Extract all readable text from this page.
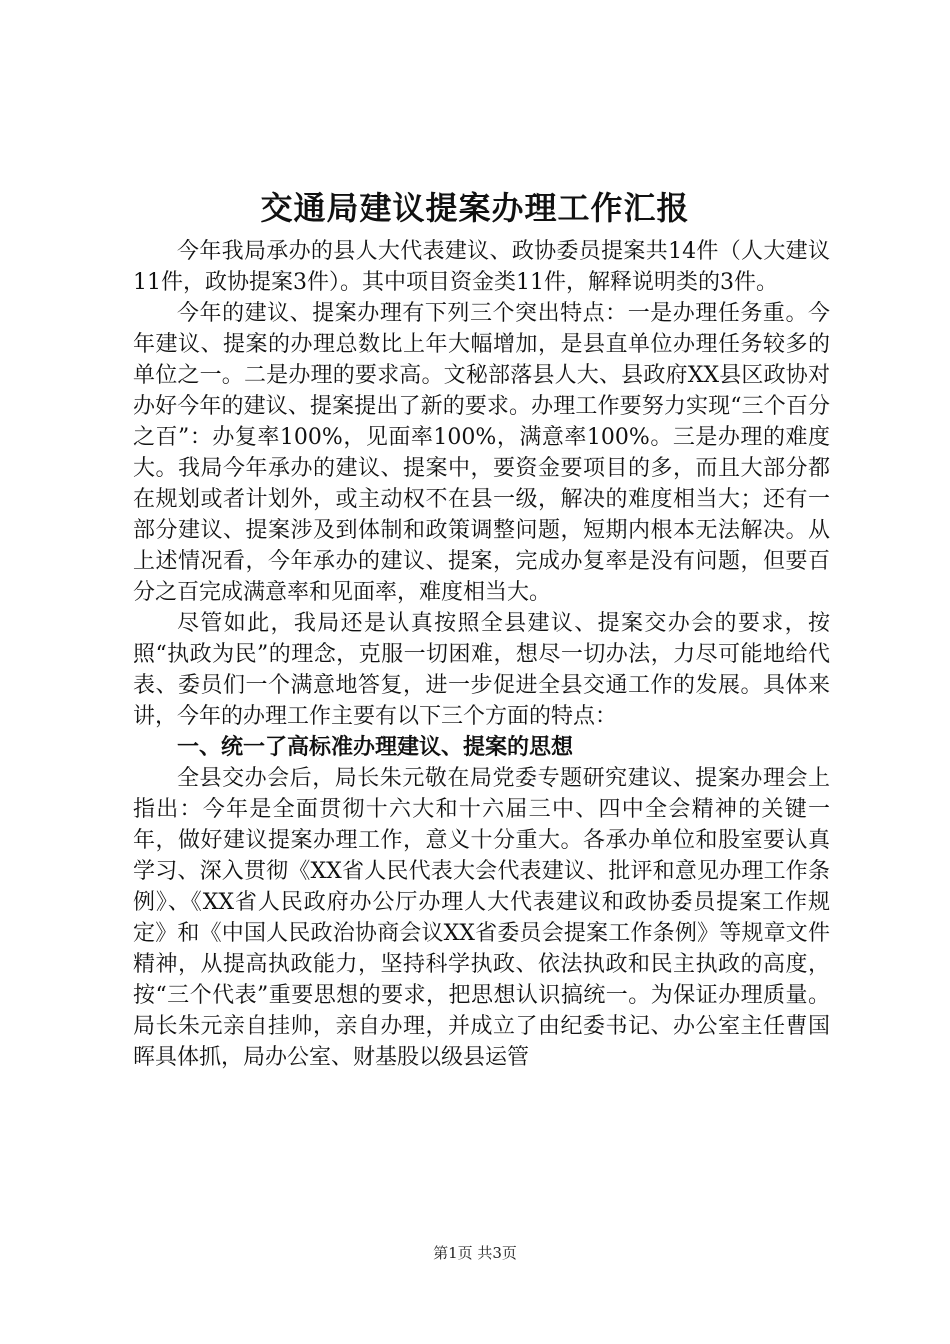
交通局建议提案办理工作汇报

今年我局承办的县人大代表建议、政协委员提案共14件（人大建议11件，政协提案3件）。其中项目资金类11件，解释说明类的3件。

今年的建议、提案办理有下列三个突出特点：一是办理任务重。今年建议、提案的办理总数比上年大幅增加，是县直单位办理任务较多的单位之一。二是办理的要求高。文秘部落县人大、县政府XX县区政协对办好今年的建议、提案提出了新的要求。办理工作要努力实现“三个百分之百”：办复率100%，见面率100%，满意率100%。三是办理的难度大。我局今年承办的建议、提案中，要资金要项目的多，而且大部分都在规划或者计划外，或主动权不在县一级，解决的难度相当大；还有一部分建议、提案涉及到体制和政策调整问题，短期内根本无法解决。从上述情况看，今年承办的建议、提案，完成办复率是没有问题，但要百分之百完成满意率和见面率，难度相当大。

尽管如此，我局还是认真按照全县建议、提案交办会的要求，按照“执政为民”的理念，克服一切困难，想尽一切办法，力尽可能地给代表、委员们一个满意地答复，进一步促进全县交通工作的发展。具体来讲，今年的办理工作主要有以下三个方面的特点：

一、统一了高标准办理建议、提案的思想

全县交办会后，局长朱元敬在局党委专题研究建议、提案办理会上指出：今年是全面贯彻十六大和十六届三中、四中全会精神的关键一年，做好建议提案办理工作，意义十分重大。各承办单位和股室要认真学习、深入贯彻《XX省人民代表大会代表建议、批评和意见办理工作条例》、《XX省人民政府办公厅办理人大代表建议和政协委员提案工作规定》和《中国人民政治协商会议XX省委员会提案工作条例》等规章文件精神，从提高执政能力，坚持科学执政、依法执政和民主执政的高度，按“三个代表”重要思想的要求，把思想认识搞统一。为保证办理质量。局长朱元亲自挂帅，亲自办理，并成立了由纪委书记、办公室主任曹国晖具体抓，局办公室、财基股以级县运管

第1页 共3页
